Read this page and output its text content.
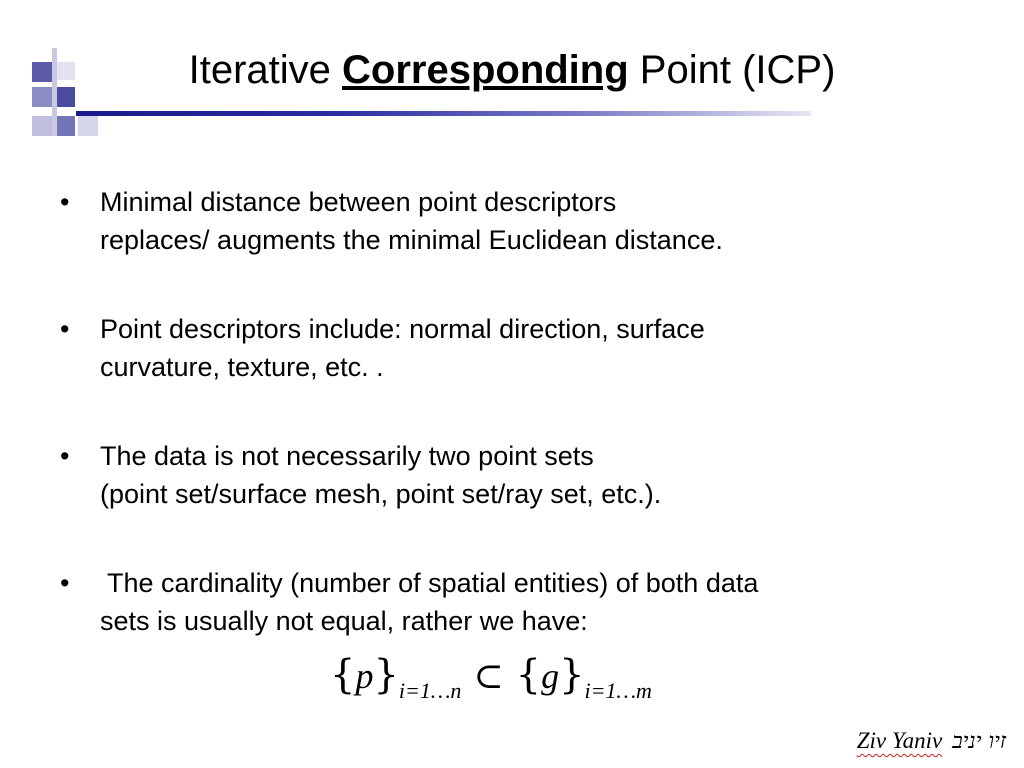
Iterative Corresponding Point (ICP)
•	Minimal distance between point descriptors
replaces/ augments the minimal Euclidean distance.
•	Point descriptors include: normal direction, surface
curvature, texture, etc. .
•	The data is not necessarily two point sets
(point set/surface mesh, point set/ray set, etc.).
•	The cardinality (number of spatial entities) of both data
sets is usually not equal, rather we have:
{p}i=1…n ⊂ {g}i=1…m
Ziv Yaniv זיו יניב
